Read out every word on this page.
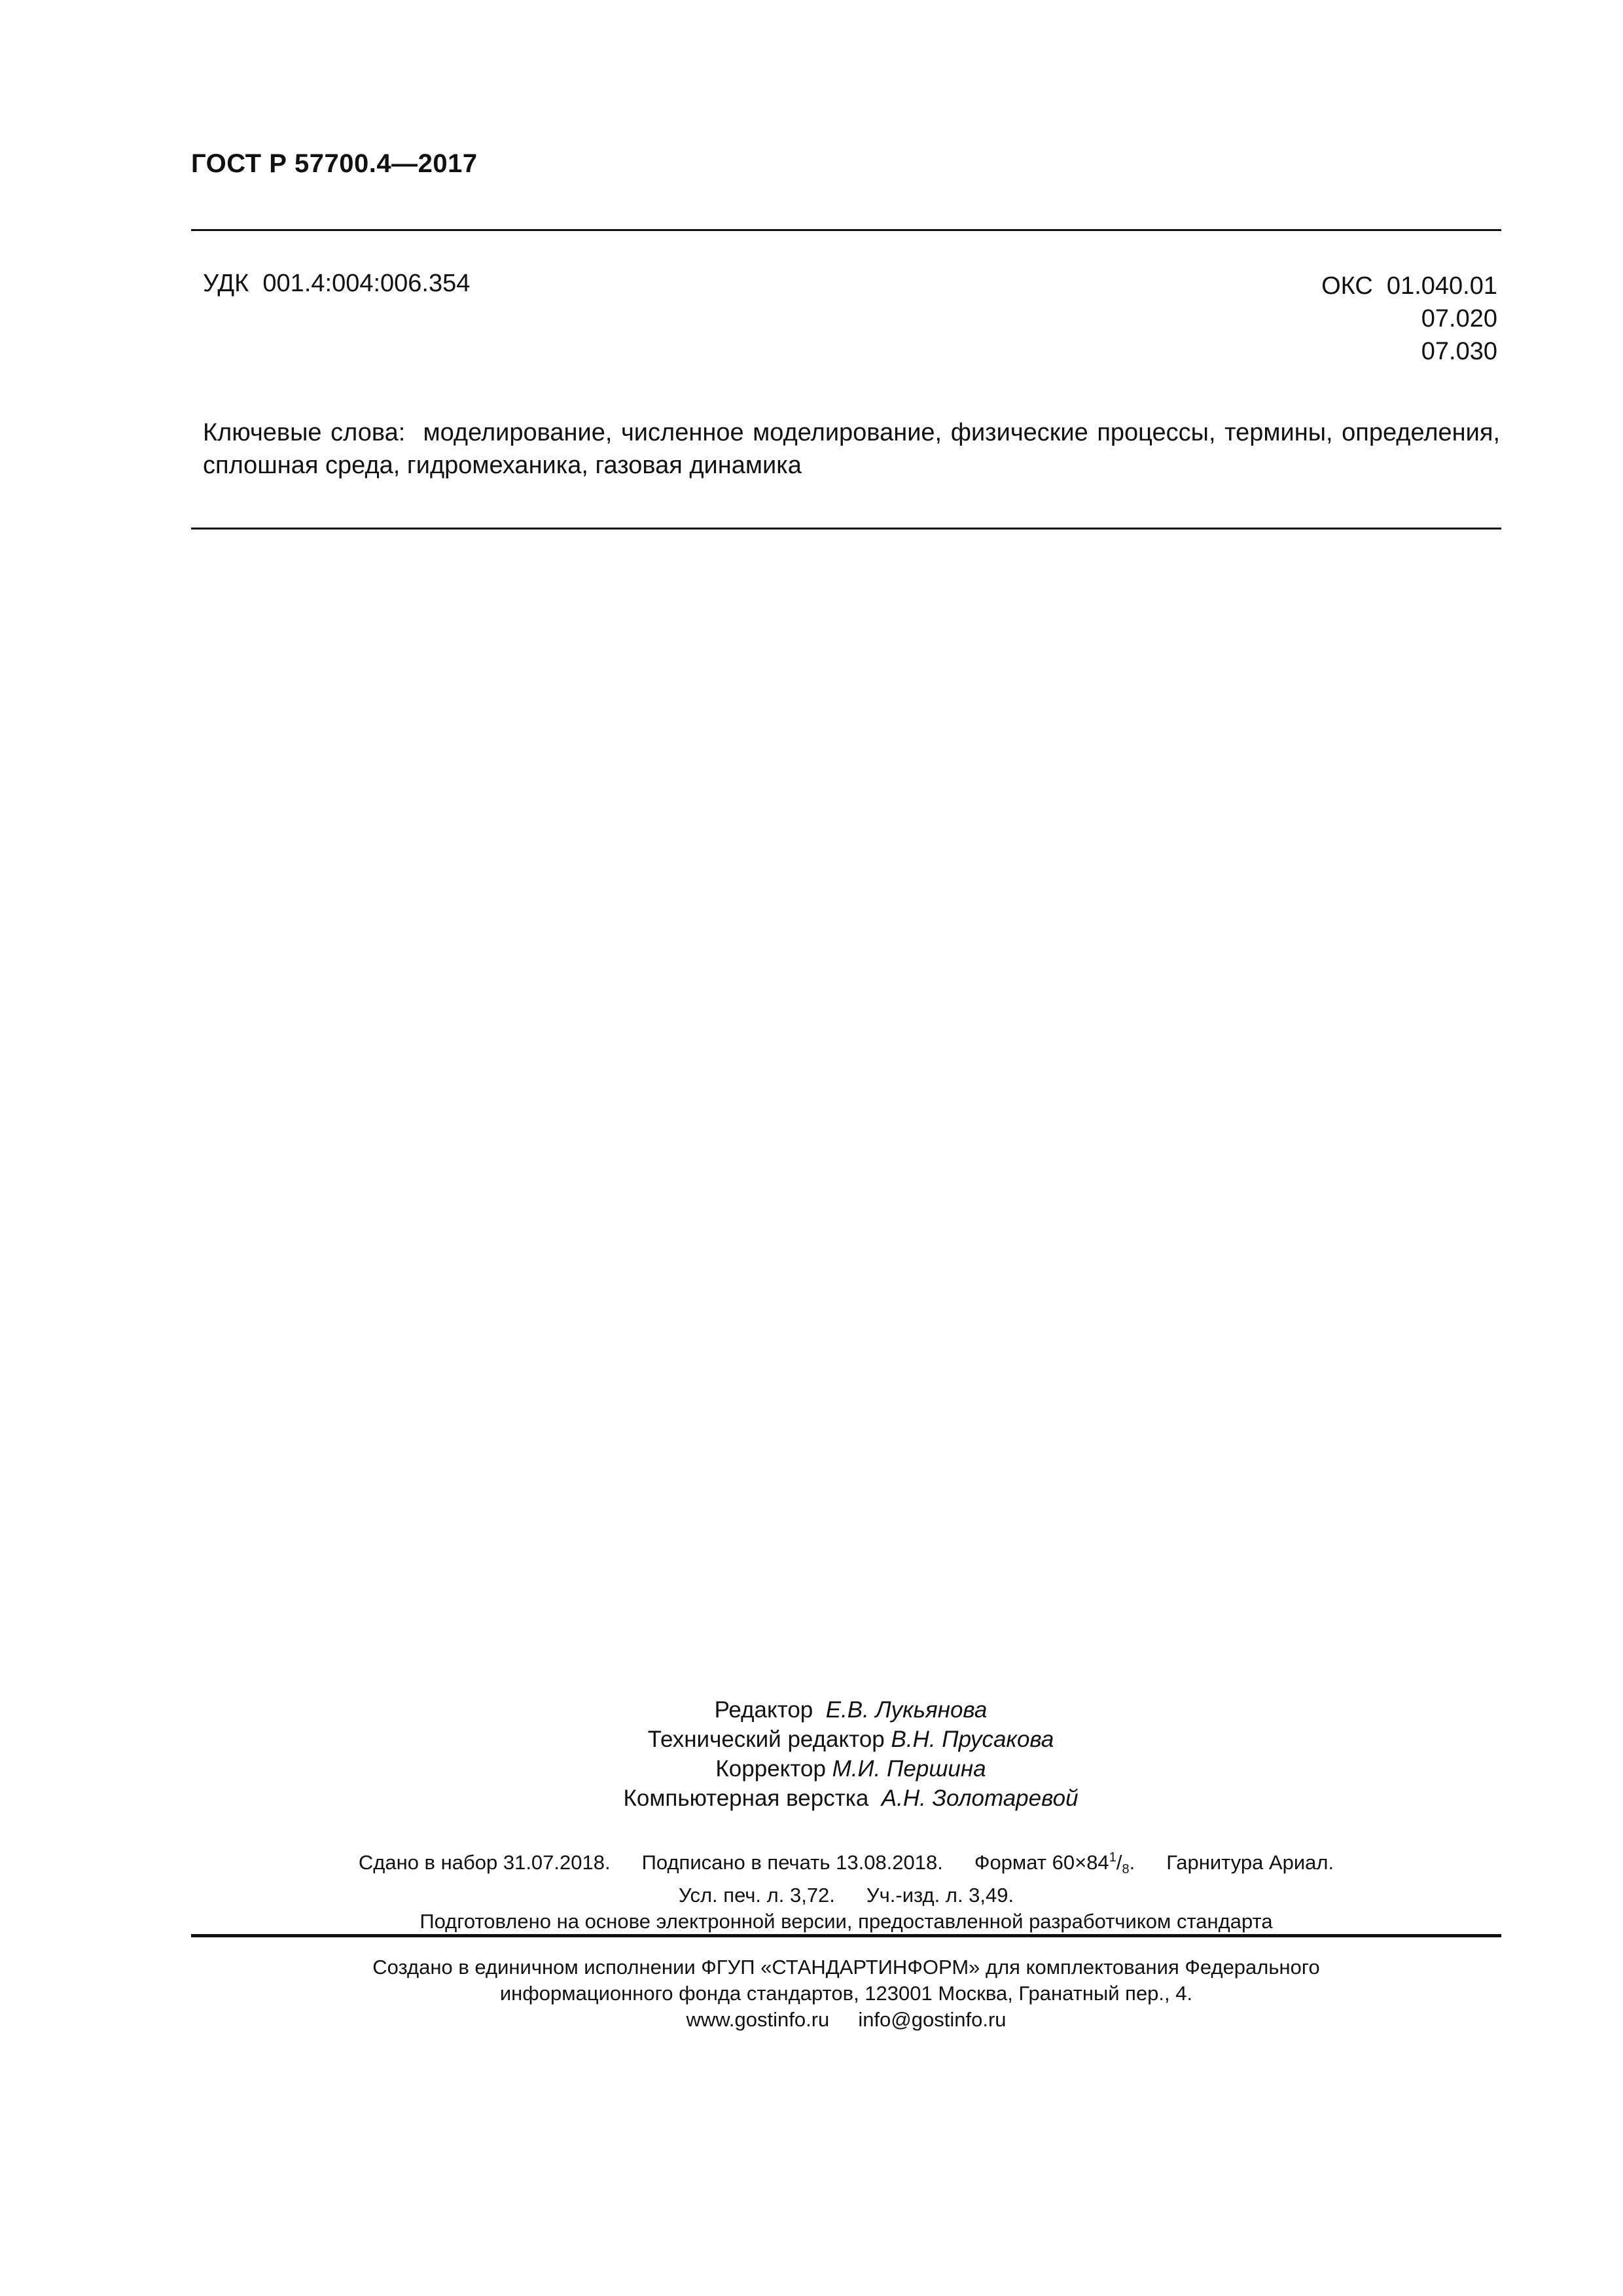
ГОСТ Р 57700.4—2017
УДК  001.4:004:006.354	ОКС  01.040.01
07.020
07.030
Ключевые слова:  моделирование, численное моделирование, физические процессы, термины, определения, сплошная среда, гидромеханика, газовая динамика
Редактор Е.В. Лукьянова
Технический редактор В.Н. Прусакова
Корректор М.И. Першина
Компьютерная верстка А.Н. Золотаревой
Сдано в набор 31.07.2018. Подписано в печать 13.08.2018. Формат $60\times 84^1/_8$. Гарнитура Ариал.
Усл. печ. л. 3,72. Уч.-изд. л. 3,49.
Подготовлено на основе электронной версии, предоставленной разработчиком стандарта
Создано в единичном исполнении ФГУП «СТАНДАРТИНФОРМ» для комплектования Федерального
информационного фонда стандартов, 123001 Москва, Гранатный пер., 4.
www.gostinfo.ru info@gostinfo.ru
